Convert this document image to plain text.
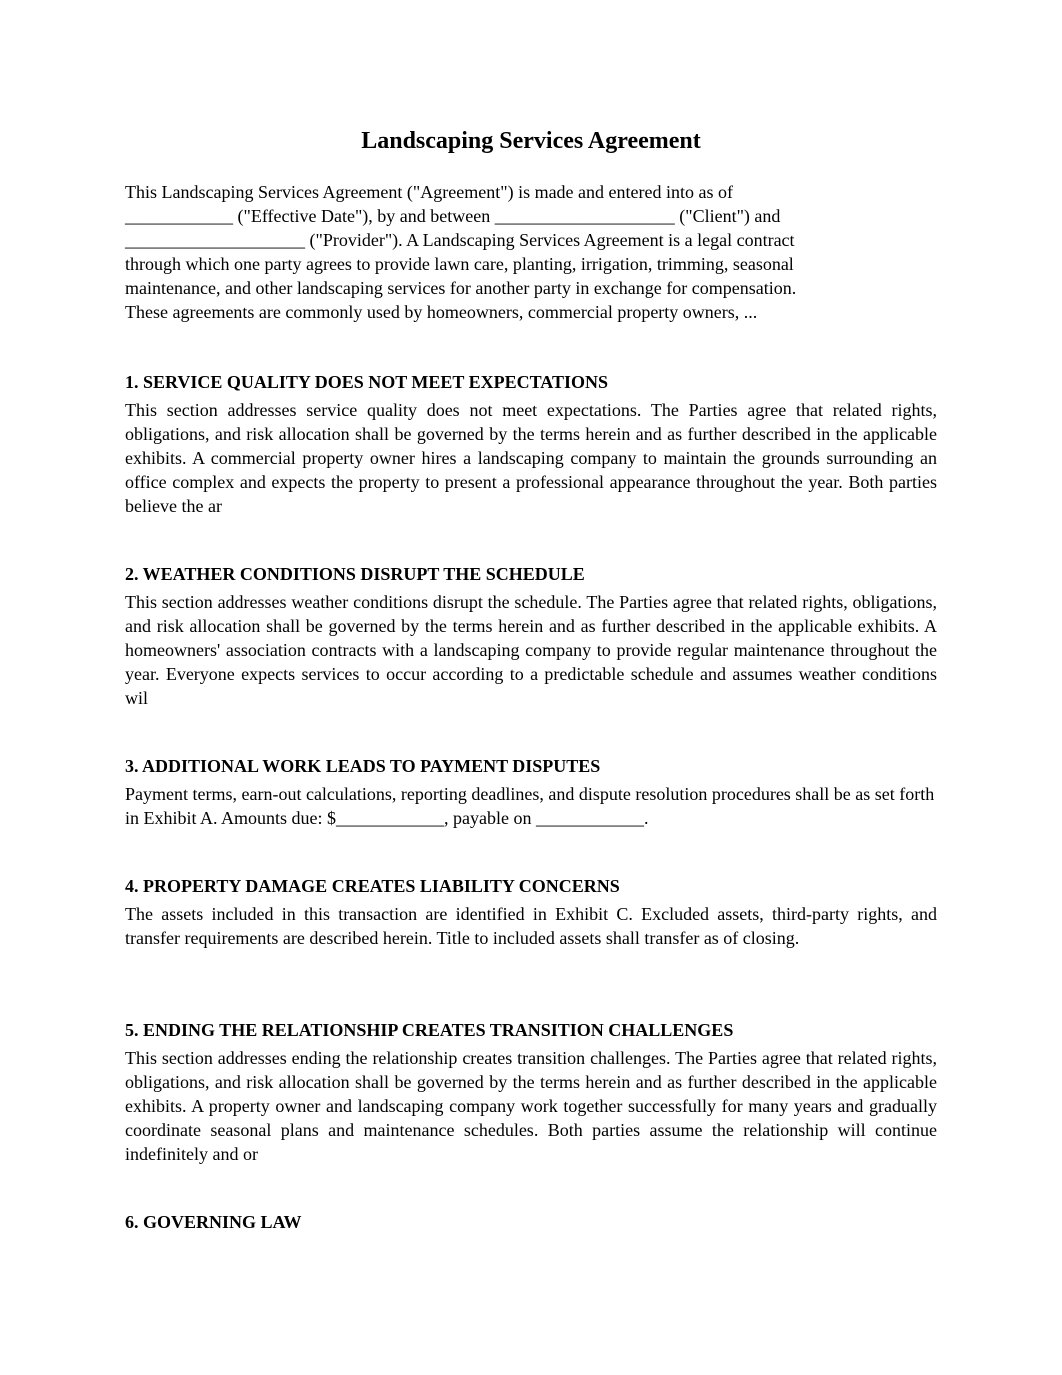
Landscaping Services Agreement

This Landscaping Services Agreement ("Agreement") is made and entered into as of
____________ ("Effective Date"), by and between ____________________ ("Client") and
____________________ ("Provider"). A Landscaping Services Agreement is a legal contract
through which one party agrees to provide lawn care, planting, irrigation, trimming, seasonal
maintenance, and other landscaping services for another party in exchange for compensation.
These agreements are commonly used by homeowners, commercial property owners, ...

1. SERVICE QUALITY DOES NOT MEET EXPECTATIONS

This section addresses service quality does not meet expectations. The Parties agree that related rights, obligations, and risk allocation shall be governed by the terms herein and as further described in the applicable exhibits. A commercial property owner hires a landscaping company to maintain the grounds surrounding an office complex and expects the property to present a professional appearance throughout the year. Both parties believe the ar

2. WEATHER CONDITIONS DISRUPT THE SCHEDULE

This section addresses weather conditions disrupt the schedule. The Parties agree that related rights, obligations, and risk allocation shall be governed by the terms herein and as further described in the applicable exhibits. A homeowners' association contracts with a landscaping company to provide regular maintenance throughout the year. Everyone expects services to occur according to a predictable schedule and assumes weather conditions wil

3. ADDITIONAL WORK LEADS TO PAYMENT DISPUTES

Payment terms, earn-out calculations, reporting deadlines, and dispute resolution procedures shall be as set forth in Exhibit A. Amounts due: $____________, payable on ____________.

4. PROPERTY DAMAGE CREATES LIABILITY CONCERNS

The assets included in this transaction are identified in Exhibit C. Excluded assets, third-party rights, and transfer requirements are described herein. Title to included assets shall transfer as of closing.

5. ENDING THE RELATIONSHIP CREATES TRANSITION CHALLENGES

This section addresses ending the relationship creates transition challenges. The Parties agree that related rights, obligations, and risk allocation shall be governed by the terms herein and as further described in the applicable exhibits. A property owner and landscaping company work together successfully for many years and gradually coordinate seasonal plans and maintenance schedules. Both parties assume the relationship will continue indefinitely and or

6. GOVERNING LAW
